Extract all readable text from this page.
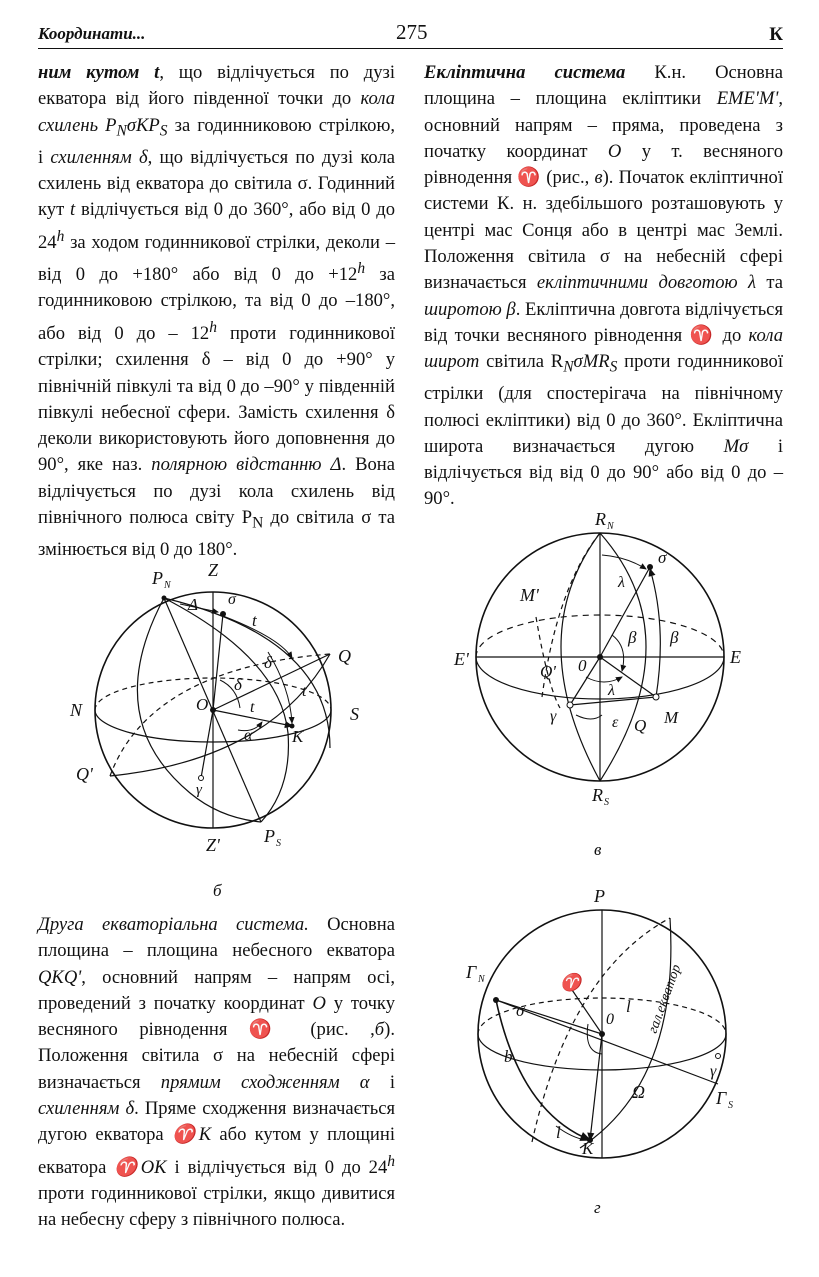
Координати...	275	К

ним кутом t, що відлічується по дузі екватора від його південної точки до кола схилень $P_N\sigma KP_S$ за годинниковою стрілкою, і схиленням δ, що відлічується по дузі кола схилень від екватора до світила σ. Годинний кут t відлічується від 0 до 360°, або від 0 до 24$^h$ за ходом годинникової стрілки, деколи – від 0 до +180° або від 0 до $+12^h$ за годинниковою стрілкою, та від 0 до –180°, або від 0 до – 12$^h$ проти годинникової стрілки; схилення δ – від 0 до +90° у північній півкулі та від 0 до –90° у південній півкулі небесної сфери. Замість схилення δ деколи використовують його доповнення до 90°, яке наз. полярною відстанню Δ. Вона відлічується по дузі кола схилень від північного полюса світу $P_N$ до світила σ та змінюється від 0 до 180°.

Екліптична система К.н. Основна площина – площина екліптики EME'M', основний напрям – пряма, проведена з початку координат O у т. весняного рівнодення ♈ (рис., в). Початок екліптичної системи К. н. здебільшого розташовують у центрі мас Сонця або в центрі мас Землі. Положення світила σ на небесній сфері визначається екліптичними довготою λ та широтою β. Екліптична довгота відлічується від точки весняного рівнодення ♈ до кола широт світила $R_N\sigma MR_S$ проти годинникової стрілки (для спостерігача на північному полюсі екліптики) від 0 до 360°. Екліптична широта визначається дугою Mσ і відлічується від від 0 до 90° або від 0 до –90°.

Друга екваторіальна система. Основна площина – площина небесного екватора QKQ', основний напрям – напрям осі, проведений з початку координат O у точку весняного рівнодення ♈ (рис. ,б). Положення світила σ на небесній сфері визначається прямим сходженням α і схиленням δ. Пряме сходження визначається дугою екватора ♈K або кутом у площині екватора ♈OK і відлічується від 0 до 24$^h$ проти годинникової стрілки, якщо дивитися на небесну сферу з північного полюса.

P N
Z
Δ σ
t
Q
δ
N	O
δ
t
t
S
α K
Q'
γ
Z' P S
б
R N
σ
λ
M'
E'	E
β β
Q' 0
λ
γ	ε Q M
R S
в
P
Г N	♈
σ	0
l гал.екватор
b
γ
Ω	Г S
l
K
г
